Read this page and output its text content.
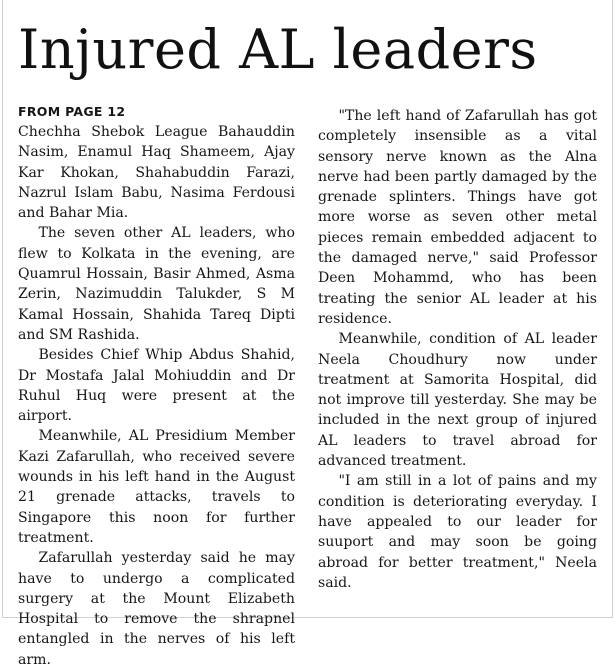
Injured AL leaders
FROM PAGE 12

Chechha Shebok League Bahauddin Nasim, Enamul Haq Shameem, Ajay Kar Khokan, Shahabuddin Farazi, Nazrul Islam Babu, Nasima Ferdousi and Bahar Mia.

The seven other AL leaders, who flew to Kolkata in the evening, are Quamrul Hossain, Basir Ahmed, Asma Zerin, Nazimuddin Talukder, S M Kamal Hossain, Shahida Tareq Dipti and SM Rashida.

Besides Chief Whip Abdus Shahid, Dr Mostafa Jalal Mohiuddin and Dr Ruhul Huq were present at the airport.

Meanwhile, AL Presidium Member Kazi Zafarullah, who received severe wounds in his left hand in the August 21 grenade attacks, travels to Singapore this noon for further treatment.

Zafarullah yesterday said he may have to undergo a complicated surgery at the Mount Elizabeth Hospital to remove the shrapnel entangled in the nerves of his left arm.

"The left hand of Zafarullah has got completely insensible as a vital sensory nerve known as the Alna nerve had been partly damaged by the grenade splinters. Things have got more worse as seven other metal pieces remain embedded adjacent to the damaged nerve," said Professor Deen Mohammd, who has been treating the senior AL leader at his residence.

Meanwhile, condition of AL leader Neela Choudhury now under treatment at Samorita Hospital, did not improve till yesterday. She may be included in the next group of injured AL leaders to travel abroad for advanced treatment.

"I am still in a lot of pains and my condition is deteriorating everyday. I have appealed to our leader for suuport and may soon be going abroad for better treatment," Neela said.
